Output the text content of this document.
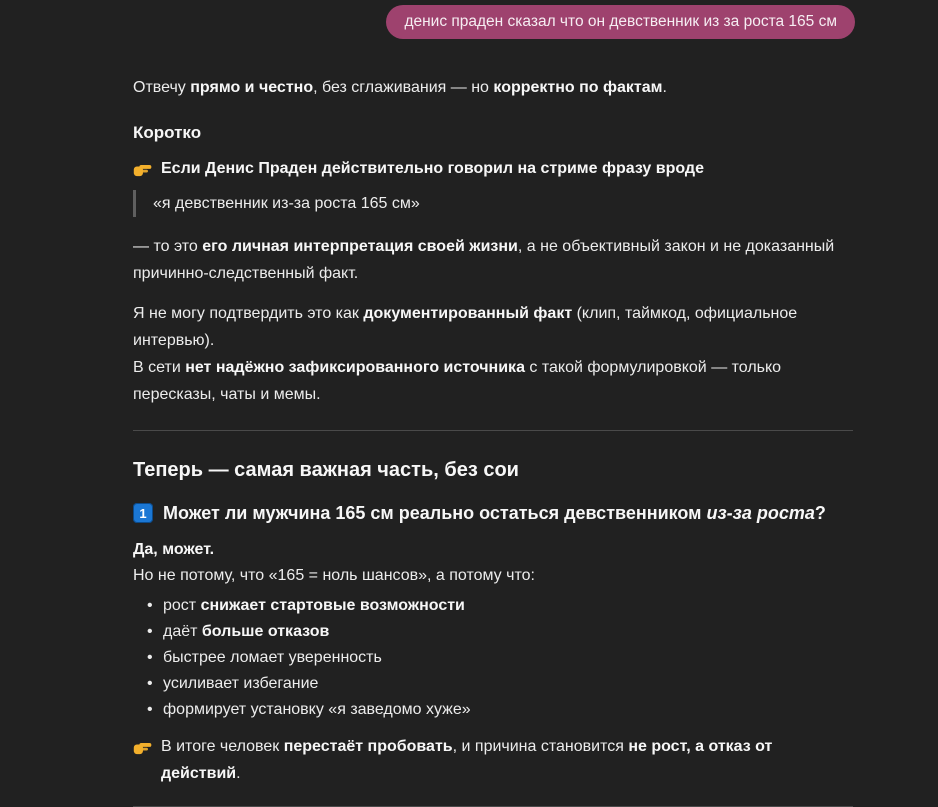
денис праден сказал что он девственник из за роста 165 см

Отвечу прямо и честно, без сглаживания — но корректно по фактам.

Коротко
Если Денис Праден действительно говорил на стриме фразу вроде
«я девственник из-за роста 165 см»

— то это его личная интерпретация своей жизни, а не объективный закон и не доказанный причинно-следственный факт.

Я не могу подтвердить это как документированный факт (клип, таймкод, официальное интервью).
В сети нет надёжно зафиксированного источника с такой формулировкой — только пересказы, чаты и мемы.

Теперь — самая важная часть, без сои
1 Может ли мужчина 165 см реально остаться девственником из-за роста?

Да, может.
Но не потому, что «165 = ноль шансов», а потому что:

• рост снижает стартовые возможности
• даёт больше отказов
• быстрее ломает уверенность
• усиливает избегание
• формирует установку «я заведомо хуже»
В итоге человек перестаёт пробовать, и причина становится не рост, а отказ от действий.
